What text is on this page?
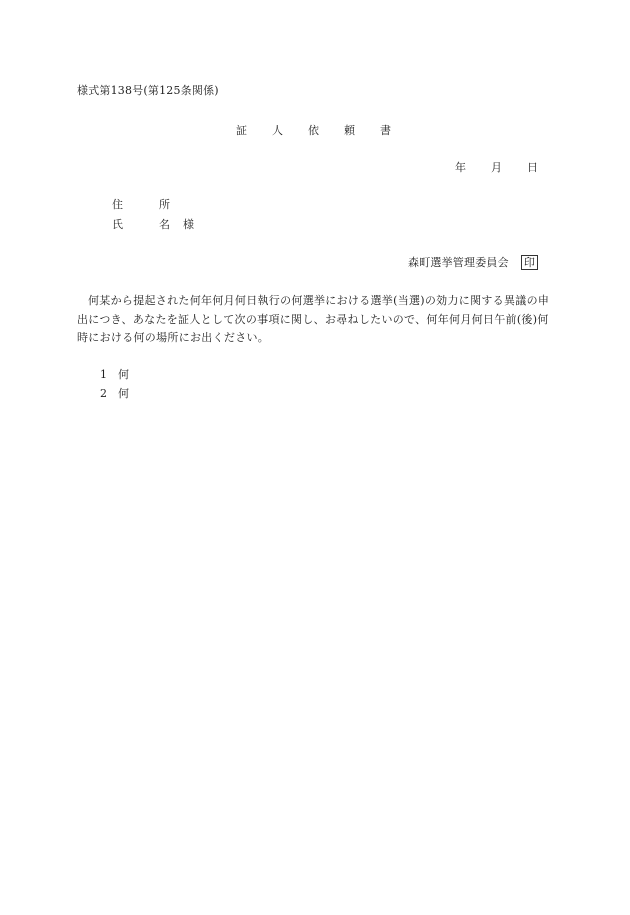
様式第138号(第125条関係)
証 人 依 頼 書
年 月 日
住	所
氏	名 様
森町選挙管理委員会 印

何某から提起された何年何月何日執行の何選挙における選挙(当選)の効力に関する異議の申出につき、あなたを証人として次の事項に関し、お尋ねしたいので、何年何月何日午前(後)何時における何の場所にお出ください。

1 何
2 何
